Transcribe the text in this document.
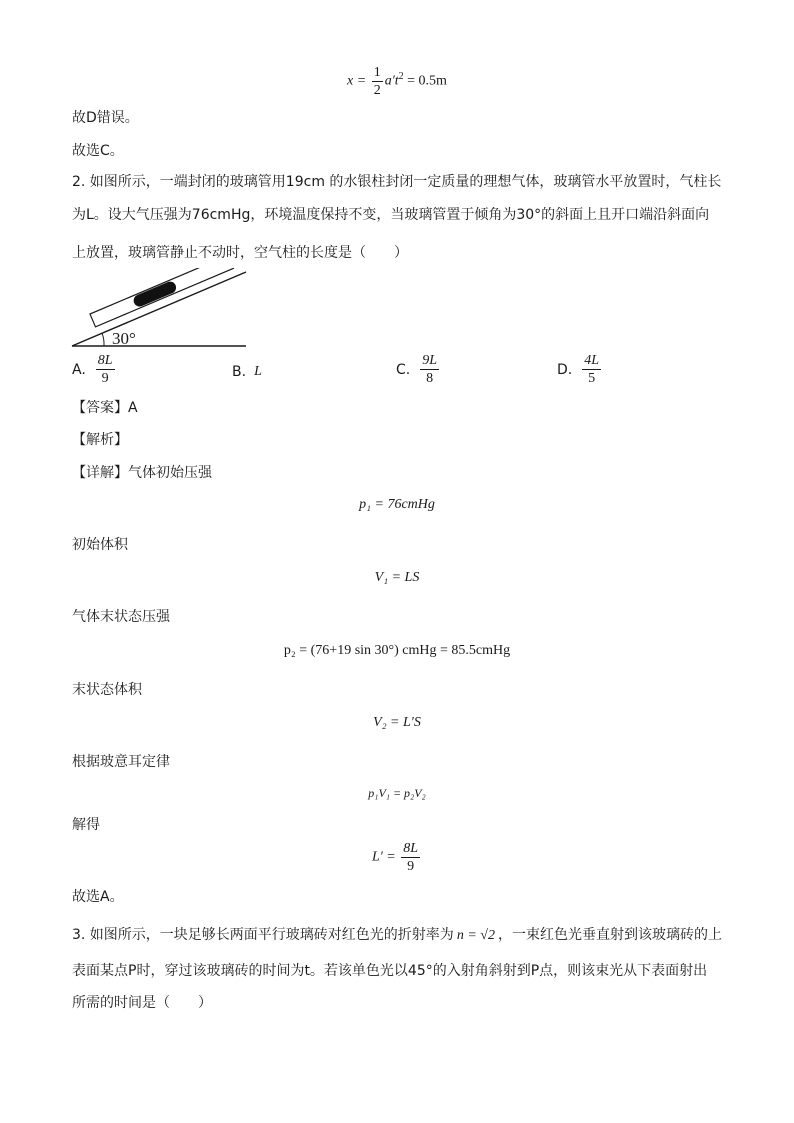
$x = \frac{1}{2} a't^2 = 0.5m$
故D错误。
故选C。
2. 如图所示，一端封闭的玻璃管用19cm 的水银柱封闭一定质量的理想气体，玻璃管水平放置时，气柱长
为L。设大气压强为76cmHg，环境温度保持不变，当玻璃管置于倾角为30°的斜面上且开口端沿斜面向
上放置，玻璃管静止不动时，空气柱的长度是（　　）
30°
A. $\frac{8L}{9}$	B. L	C. $\frac{9L}{8}$	D. $\frac{4L}{5}$
【答案】A
【解析】
【详解】气体初始压强
p₁ = 76cmHg
初始体积
V₁ = LS
气体末状态压强
p₂ = (76+19 sin 30°) cmHg = 85.5cmHg
末状态体积
V₂ = L′S
根据玻意耳定律
p₁V₁ = p₂V₂
解得
$L' = \frac{8L}{9}$
故选A。
3. 如图所示，一块足够长两面平行玻璃砖对红色光的折射率为 n = √2 ，一束红色光垂直射到该玻璃砖的上
表面某点P时，穿过该玻璃砖的时间为t。若该单色光以45°的入射角斜射到P点，则该束光从下表面射出
所需的时间是（　　）
